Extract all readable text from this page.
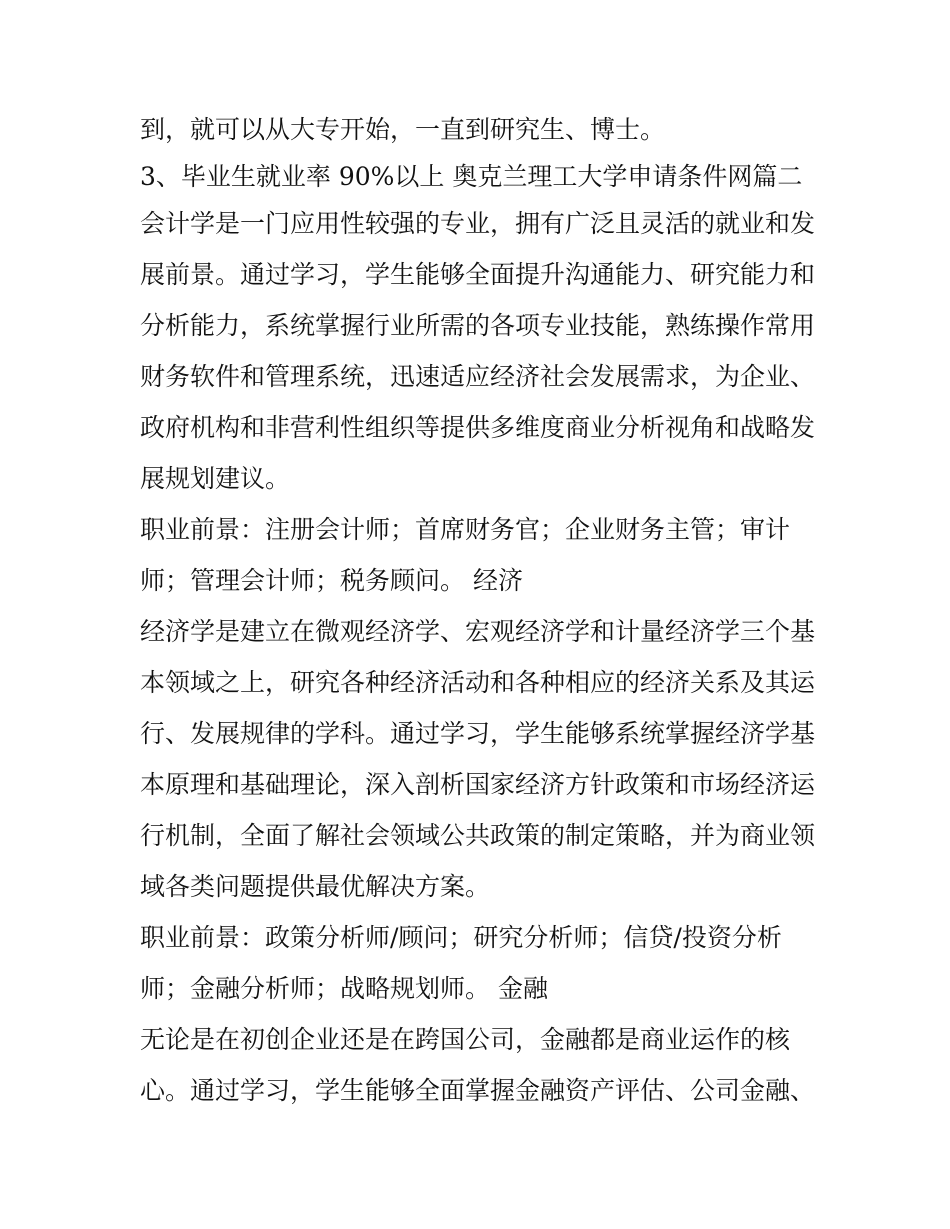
到，就可以从大专开始，一直到研究生、博士。
3、毕业生就业率 90%以上 奥克兰理工大学申请条件网篇二
会计学是一门应用性较强的专业，拥有广泛且灵活的就业和发
展前景。通过学习，学生能够全面提升沟通能力、研究能力和
分析能力，系统掌握行业所需的各项专业技能，熟练操作常用
财务软件和管理系统，迅速适应经济社会发展需求，为企业、
政府机构和非营利性组织等提供多维度商业分析视角和战略发
展规划建议。
职业前景：注册会计师；首席财务官；企业财务主管；审计
师；管理会计师；税务顾问。 经济
经济学是建立在微观经济学、宏观经济学和计量经济学三个基
本领域之上，研究各种经济活动和各种相应的经济关系及其运
行、发展规律的学科。通过学习，学生能够系统掌握经济学基
本原理和基础理论，深入剖析国家经济方针政策和市场经济运
行机制，全面了解社会领域公共政策的制定策略，并为商业领
域各类问题提供最优解决方案。
职业前景：政策分析师/顾问；研究分析师；信贷/投资分析
师；金融分析师；战略规划师。 金融
无论是在初创企业还是在跨国公司，金融都是商业运作的核
心。通过学习，学生能够全面掌握金融资产评估、公司金融、
